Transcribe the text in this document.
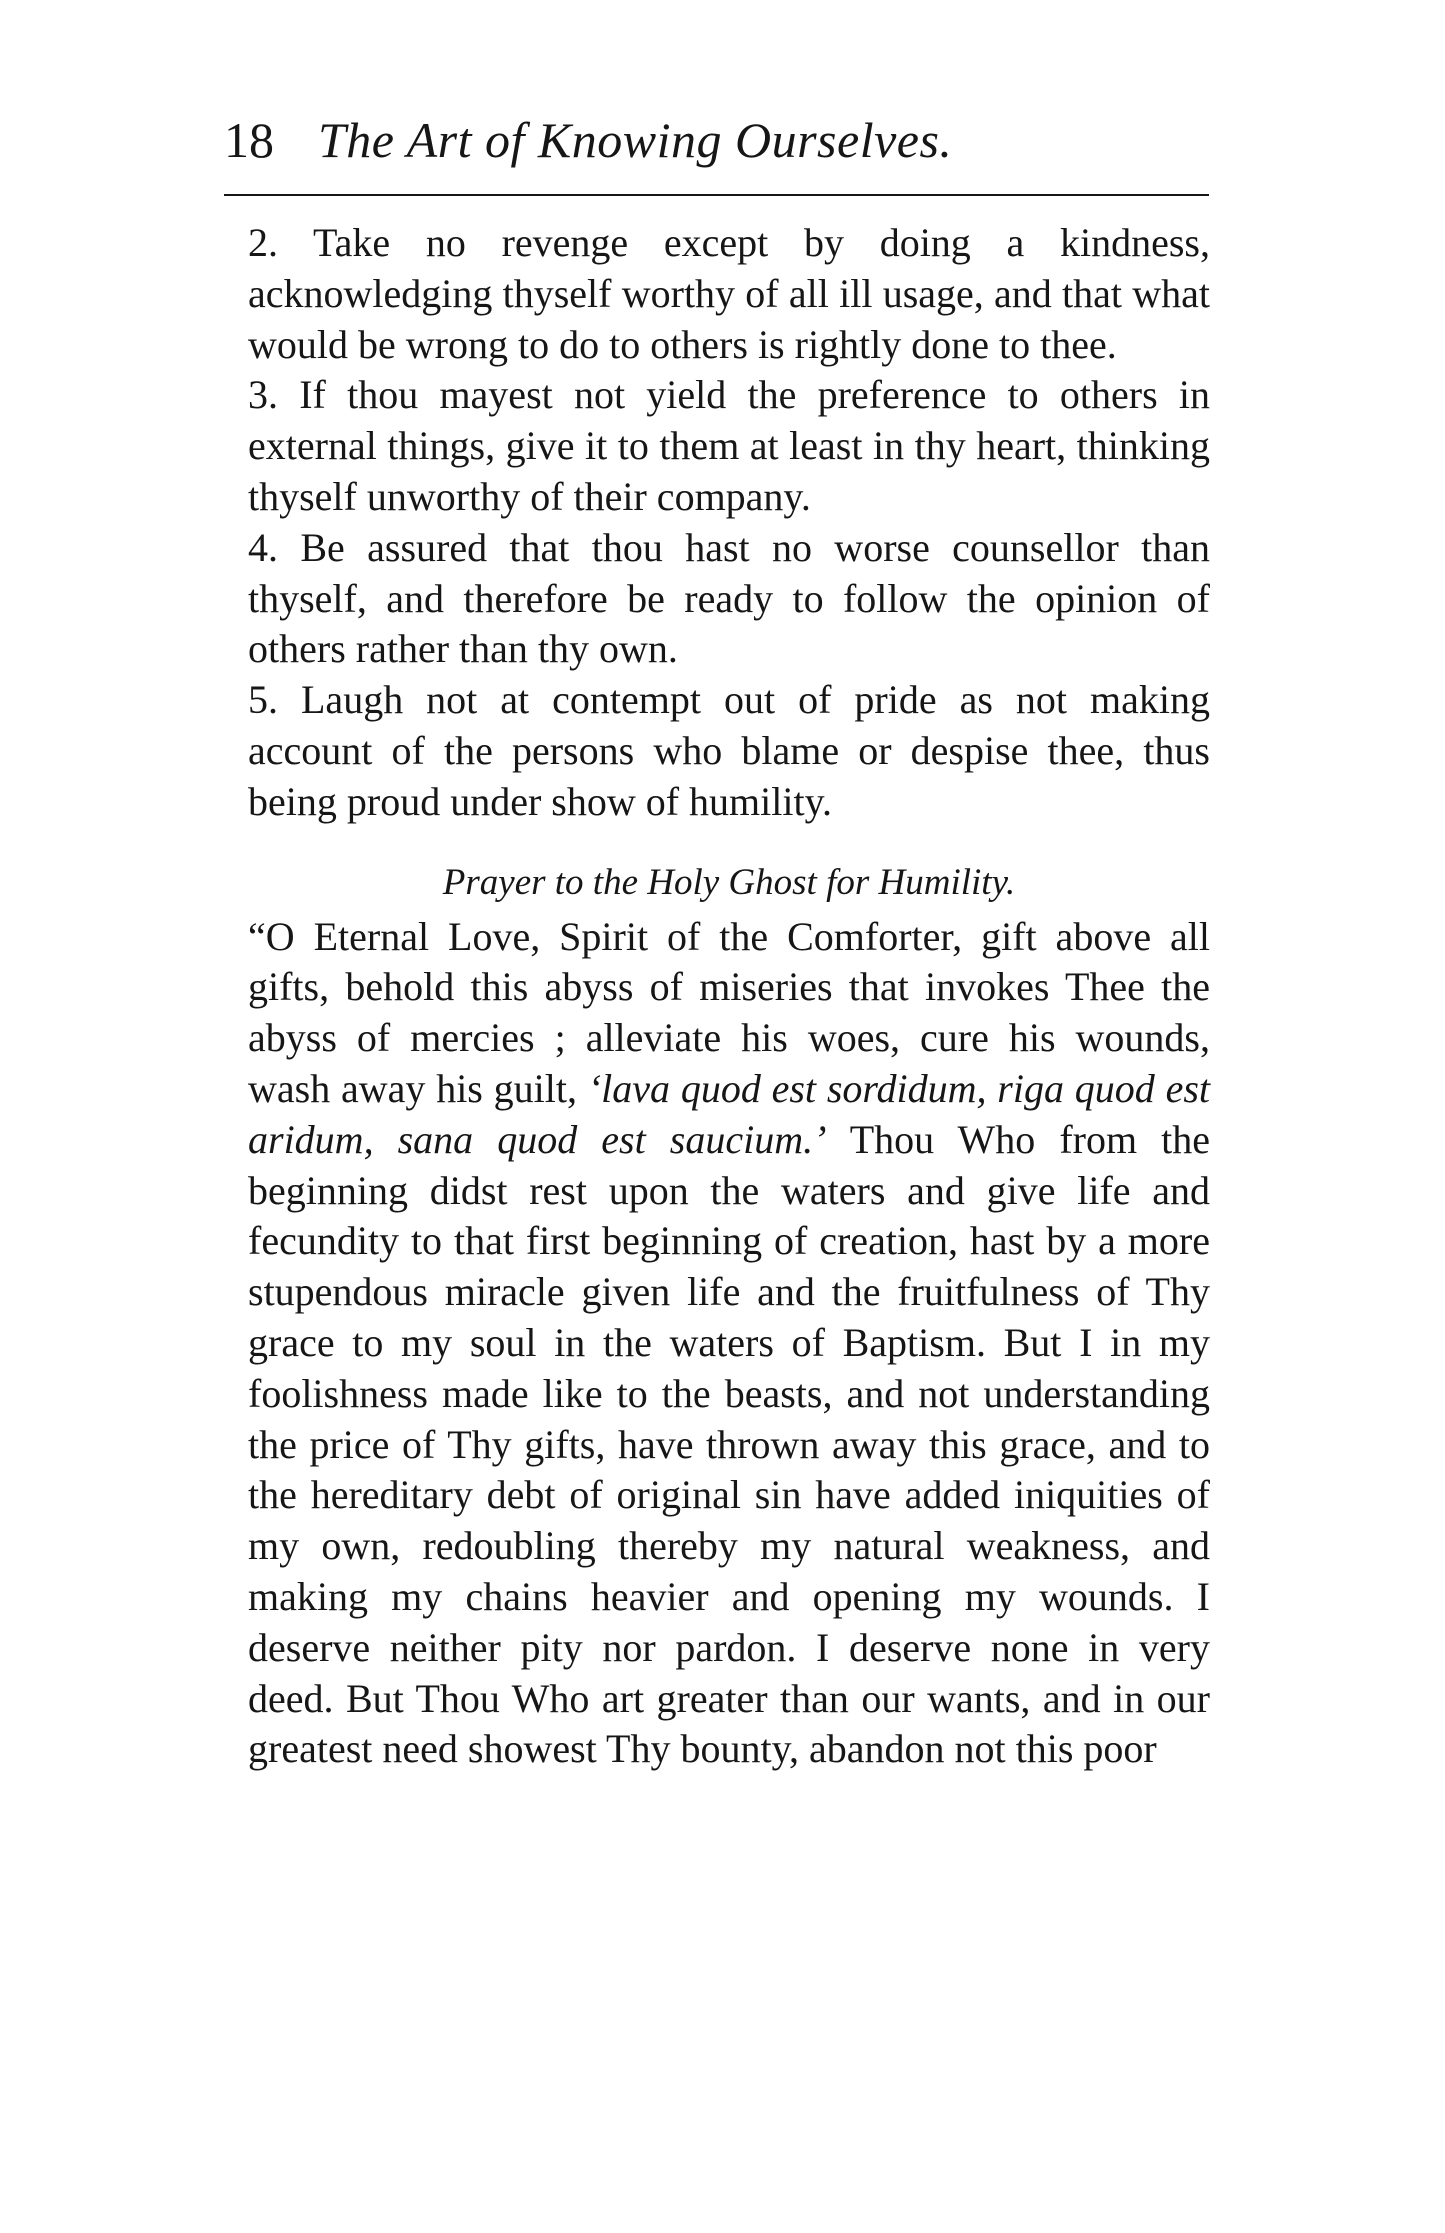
18 The Art of Knowing Ourselves.

2. Take no revenge except by doing a kindness, acknowledging thyself worthy of all ill usage, and that what would be wrong to do to others is rightly done to thee.

3. If thou mayest not yield the preference to others in external things, give it to them at least in thy heart, thinking thyself unworthy of their company.

4. Be assured that thou hast no worse counsellor than thyself, and therefore be ready to follow the opinion of others rather than thy own.

5. Laugh not at contempt out of pride as not making account of the persons who blame or despise thee, thus being proud under show of humility.

Prayer to the Holy Ghost for Humility.

“O Eternal Love, Spirit of the Comforter, gift above all gifts, behold this abyss of miseries that invokes Thee the abyss of mercies ; alleviate his woes, cure his wounds, wash away his guilt, ‘lava quod est sordidum, riga quod est aridum, sana quod est saucium.’ Thou Who from the beginning didst rest upon the waters and give life and fecundity to that first beginning of creation, hast by a more stupendous miracle given life and the fruitfulness of Thy grace to my soul in the waters of Baptism. But I in my foolishness made like to the beasts, and not understanding the price of Thy gifts, have thrown away this grace, and to the hereditary debt of original sin have added iniquities of my own, redoubling thereby my natural weakness, and making my chains heavier and opening my wounds. I deserve neither pity nor pardon. I deserve none in very deed. But Thou Who art greater than our wants, and in our greatest need showest Thy bounty, abandon not this poor
